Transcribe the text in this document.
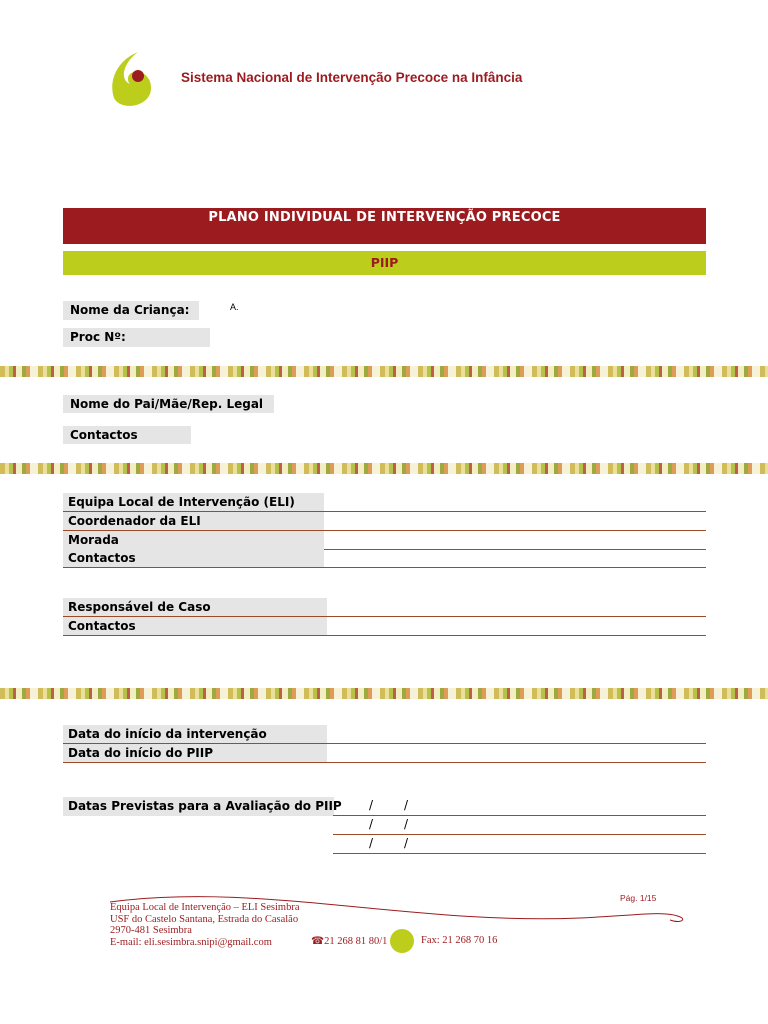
Sistema Nacional de Intervenção Precoce na Infância
PLANO INDIVIDUAL DE INTERVENÇÃO PRECOCE
PIIP
Nome da Criança:	A.
Proc Nº:
Nome do Pai/Mãe/Rep. Legal
Contactos
Equipa Local de Intervenção (ELI)
Coordenador da ELI
Morada
Contactos
Responsável de Caso
Contactos
Data do início da intervenção
Data do início do PIIP
Datas Previstas para a Avaliação do PIIP /	/
/	/
/	/
Pág. 1/15
Equipa Local de Intervenção – ELI Sesimbra
USF do Castelo Santana, Estrada do Casalão
2970-481 Sesimbra
E-mail: eli.sesimbra.snipi@gmail.com	☎21 268 81 80/1	Fax: 21 268 70 16
